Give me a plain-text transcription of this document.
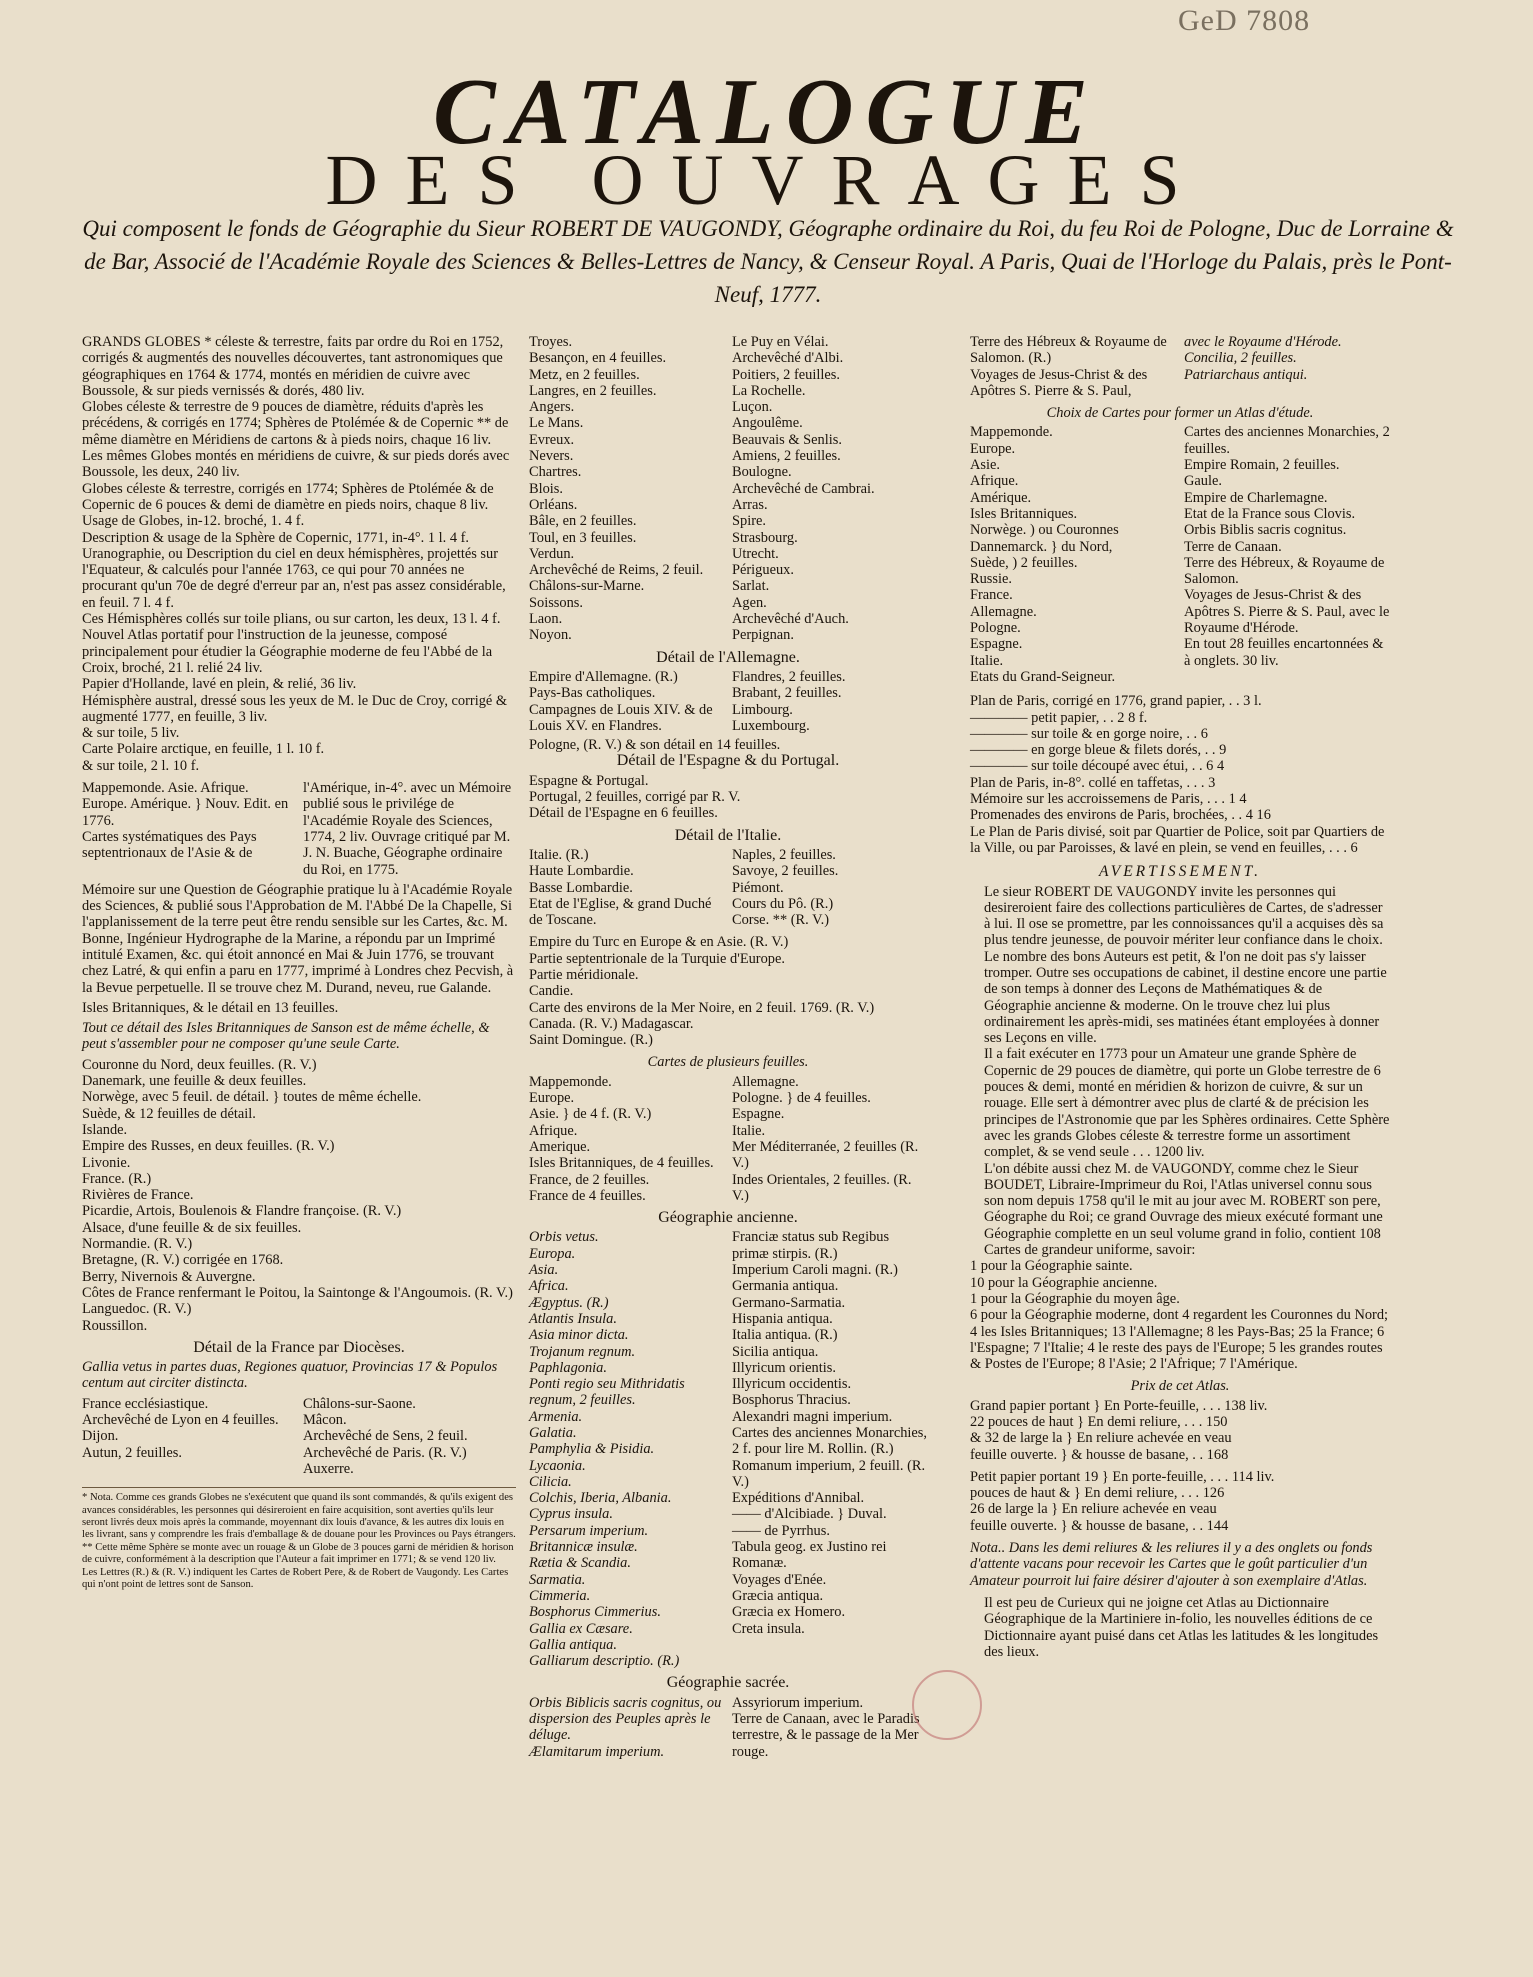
GeD 7808
CATALOGUE
DES OUVRAGES
Qui composent le fonds de Géographie du Sieur ROBERT DE VAUGONDY, Géographe ordinaire du Roi, du feu Roi de Pologne, Duc de Lorraine & de Bar, Associé de l'Académie Royale des Sciences & Belles-Lettres de Nancy, & Censeur Royal. A Paris, Quai de l'Horloge du Palais, près le Pont-Neuf, 1777.

GRANDS GLOBES * céleste & terrestre, faits par ordre du Roi en 1752, corrigés & augmentés des nouvelles découvertes, tant astronomiques que géographiques en 1764 & 1774, montés en méridien de cuivre avec Boussole, & sur pieds vernissés & dorés, 480 liv.

Globes céleste & terrestre de 9 pouces de diamètre, réduits d'après les précédens, & corrigés en 1774; Sphères de Ptolémée & de Copernic ** de même diamètre en Méridiens de cartons & à pieds noirs, chaque 16 liv.

Les mêmes Globes montés en méridiens de cuivre, & sur pieds dorés avec Boussole, les deux, 240 liv.

Globes céleste & terrestre, corrigés en 1774; Sphères de Ptolémée & de Copernic de 6 pouces & demi de diamètre en pieds noirs, chaque 8 liv.

Usage de Globes, in-12. broché, 1. 4 f.

Description & usage de la Sphère de Copernic, 1771, in-4°. 1 l. 4 f.

Uranographie, ou Description du ciel en deux hémisphères, projettés sur l'Equateur, & calculés pour l'année 1763, ce qui pour 70 années ne procurant qu'un 70e de degré d'erreur par an, n'est pas assez considérable, en feuil. 7 l. 4 f.

Ces Hémisphères collés sur toile plians, ou sur carton, les deux, 13 l. 4 f.

Nouvel Atlas portatif pour l'instruction de la jeunesse, composé principalement pour étudier la Géographie moderne de feu l'Abbé de la Croix, broché, 21 l. relié 24 liv.

Papier d'Hollande, lavé en plein, & relié, 36 liv.

Hémisphère austral, dressé sous les yeux de M. le Duc de Croy, corrigé & augmenté 1777, en feuille, 3 liv.

& sur toile, 5 liv.

Carte Polaire arctique, en feuille, 1 l. 10 f.

& sur toile, 2 l. 10 f.

Mappemonde. Asie. Afrique. Europe. Amérique. } Nouv. Edit. en 1776.

Cartes systématiques des Pays septentrionaux de l'Asie & de

l'Amérique, in-4°. avec un Mémoire publié sous le privilége de l'Académie Royale des Sciences, 1774, 2 liv. Ouvrage critiqué par M. J. N. Buache, Géographe ordinaire du Roi, en 1775.

Mémoire sur une Question de Géographie pratique lu à l'Académie Royale des Sciences, & publié sous l'Approbation de M. l'Abbé De la Chapelle, Si l'applanissement de la terre peut être rendu sensible sur les Cartes, &c. M. Bonne, Ingénieur Hydrographe de la Marine, a répondu par un Imprimé intitulé Examen, &c. qui étoit annoncé en Mai & Juin 1776, se trouvant chez Latré, & qui enfin a paru en 1777, imprimé à Londres chez Pecvish, à la Bevue perpetuelle. Il se trouve chez M. Durand, neveu, rue Galande.

Isles Britanniques, & le détail en 13 feuilles.

Tout ce détail des Isles Britanniques de Sanson est de même échelle, & peut s'assembler pour ne composer qu'une seule Carte.

Couronne du Nord, deux feuilles. (R. V.)

Danemark, une feuille & deux feuilles.

Norwège, avec 5 feuil. de détail. } toutes de même échelle.

Suède, & 12 feuilles de détail.

Islande.

Empire des Russes, en deux feuilles. (R. V.)

Livonie.

France. (R.)

Rivières de France.

Picardie, Artois, Boulenois & Flandre françoise. (R. V.)

Alsace, d'une feuille & de six feuilles.

Normandie. (R. V.)

Bretagne, (R. V.) corrigée en 1768.

Berry, Nivernois & Auvergne.

Côtes de France renfermant le Poitou, la Saintonge & l'Angoumois. (R. V.)

Languedoc. (R. V.)

Roussillon.

Détail de la France par Diocèses.

Gallia vetus in partes duas, Regiones quatuor, Provincias 17 & Populos centum aut circiter distincta.

France ecclésiastique.

Archevêché de Lyon en 4 feuilles.

Dijon.

Autun, 2 feuilles.

Châlons-sur-Saone.

Mâcon.

Archevêché de Sens, 2 feuil.

Archevêché de Paris. (R. V.)

Auxerre.

* Nota. Comme ces grands Globes ne s'exécutent que quand ils sont commandés, & qu'ils exigent des avances considérables, les personnes qui désireroient en faire acquisition, sont averties qu'ils leur seront livrés deux mois après la commande, moyennant dix louis d'avance, & les autres dix louis en les livrant, sans y comprendre les frais d'emballage & de douane pour les Provinces ou Pays étrangers.

** Cette même Sphère se monte avec un rouage & un Globe de 3 pouces garni de méridien & horison de cuivre, conformément à la description que l'Auteur a fait imprimer en 1771; & se vend 120 liv.

Les Lettres (R.) & (R. V.) indiquent les Cartes de Robert Pere, & de Robert de Vaugondy. Les Cartes qui n'ont point de lettres sont de Sanson.

Troyes.

Besançon, en 4 feuilles.

Metz, en 2 feuilles.

Langres, en 2 feuilles.

Angers.

Le Mans.

Evreux.

Nevers.

Chartres.

Blois.

Orléans.

Bâle, en 2 feuilles.

Toul, en 3 feuilles.

Verdun.

Archevêché de Reims, 2 feuil.

Châlons-sur-Marne.

Soissons.

Laon.

Noyon.

Le Puy en Vélai.

Archevêché d'Albi.

Poitiers, 2 feuilles.

La Rochelle.

Luçon.

Angoulême.

Beauvais & Senlis.

Amiens, 2 feuilles.

Boulogne.

Archevêché de Cambrai.

Arras.

Spire.

Strasbourg.

Utrecht.

Périgueux.

Sarlat.

Agen.

Archevêché d'Auch.

Perpignan.

Détail de l'Allemagne.

Empire d'Allemagne. (R.)

Pays-Bas catholiques.

Campagnes de Louis XIV. & de Louis XV. en Flandres.

Flandres, 2 feuilles.

Brabant, 2 feuilles.

Limbourg.

Luxembourg.

Pologne, (R. V.) & son détail en 14 feuilles.

Détail de l'Espagne & du Portugal.

Espagne & Portugal.

Portugal, 2 feuilles, corrigé par R. V.

Détail de l'Espagne en 6 feuilles.

Détail de l'Italie.

Italie. (R.)

Haute Lombardie.

Basse Lombardie.

Etat de l'Eglise, & grand Duché de Toscane.

Naples, 2 feuilles.

Savoye, 2 feuilles.

Piémont.

Cours du Pô. (R.)

Corse. ** (R. V.)

Empire du Turc en Europe & en Asie. (R. V.)

Partie septentrionale de la Turquie d'Europe.

Partie méridionale.

Candie.

Carte des environs de la Mer Noire, en 2 feuil. 1769. (R. V.)

Canada. (R. V.) Madagascar.

Saint Domingue. (R.)

Cartes de plusieurs feuilles.

Mappemonde.

Europe.

Asie. } de 4 f. (R. V.)

Afrique.

Amerique.

Isles Britanniques, de 4 feuilles.

France, de 2 feuilles.

France de 4 feuilles.

Allemagne.

Pologne. } de 4 feuilles.

Espagne.

Italie.

Mer Méditerranée, 2 feuilles (R. V.)

Indes Orientales, 2 feuilles. (R. V.)

Géographie ancienne.

Orbis vetus.

Europa.

Asia.

Africa.

Ægyptus. (R.)

Atlantis Insula.

Asia minor dicta.

Trojanum regnum.

Paphlagonia.

Ponti regio seu Mithridatis regnum, 2 feuilles.

Armenia.

Galatia.

Pamphylia & Pisidia.

Lycaonia.

Cilicia.

Colchis, Iberia, Albania.

Cyprus insula.

Persarum imperium.

Britannicæ insulæ.

Rætia & Scandia.

Sarmatia.

Cimmeria.

Bosphorus Cimmerius.

Gallia ex Cæsare.

Gallia antiqua.

Galliarum descriptio. (R.)

Franciæ status sub Regibus primæ stirpis. (R.)

Imperium Caroli magni. (R.)

Germania antiqua.

Germano-Sarmatia.

Hispania antiqua.

Italia antiqua. (R.)

Sicilia antiqua.

Illyricum orientis.

Illyricum occidentis.

Bosphorus Thracius.

Alexandri magni imperium.

Cartes des anciennes Monarchies, 2 f. pour lire M. Rollin. (R.)

Romanum imperium, 2 feuill. (R. V.)

Expéditions d'Annibal.

—— d'Alcibiade. } Duval.

—— de Pyrrhus.

Tabula geog. ex Justino rei Romanæ.

Voyages d'Enée.

Græcia antiqua.

Græcia ex Homero.

Creta insula.

Géographie sacrée.

Orbis Biblicis sacris cognitus, ou dispersion des Peuples après le déluge.

Ælamitarum imperium.

Assyriorum imperium.

Terre de Canaan, avec le Paradis terrestre, & le passage de la Mer rouge.

Terre des Hébreux & Royaume de Salomon. (R.)

Voyages de Jesus-Christ & des Apôtres S. Pierre & S. Paul,

avec le Royaume d'Hérode.

Concilia, 2 feuilles.

Patriarchaus antiqui.

Choix de Cartes pour former un Atlas d'étude.

Mappemonde.

Europe.

Asie.

Afrique.

Amérique.

Isles Britanniques.

Norwège. ) ou Couronnes

Dannemarck. } du Nord,

Suède, ) 2 feuilles.

Russie.

France.

Allemagne.

Pologne.

Espagne.

Italie.

Etats du Grand-Seigneur.

Cartes des anciennes Monarchies, 2 feuilles.

Empire Romain, 2 feuilles.

Gaule.

Empire de Charlemagne.

Etat de la France sous Clovis.

Orbis Biblis sacris cognitus.

Terre de Canaan.

Terre des Hébreux, & Royaume de Salomon.

Voyages de Jesus-Christ & des Apôtres S. Pierre & S. Paul, avec le Royaume d'Hérode.

En tout 28 feuilles encartonnées & à onglets. 30 liv.

Plan de Paris, corrigé en 1776, grand papier, . . 3 l.

———— petit papier, . . 2 8 f.

———— sur toile & en gorge noire, . . 6

———— en gorge bleue & filets dorés, . . 9

———— sur toile découpé avec étui, . . 6 4

Plan de Paris, in-8°. collé en taffetas, . . . 3

Mémoire sur les accroissemens de Paris, . . . 1 4

Promenades des environs de Paris, brochées, . . 4 16

Le Plan de Paris divisé, soit par Quartier de Police, soit par Quartiers de la Ville, ou par Paroisses, & lavé en plein, se vend en feuilles, . . . 6

AVERTISSEMENT.

Le sieur ROBERT DE VAUGONDY invite les personnes qui desireroient faire des collections particulières de Cartes, de s'adresser à lui. Il ose se promettre, par les connoissances qu'il a acquises dès sa plus tendre jeunesse, de pouvoir mériter leur confiance dans le choix. Le nombre des bons Auteurs est petit, & l'on ne doit pas s'y laisser tromper. Outre ses occupations de cabinet, il destine encore une partie de son temps à donner des Leçons de Mathématiques & de Géographie ancienne & moderne. On le trouve chez lui plus ordinairement les après-midi, ses matinées étant employées à donner ses Leçons en ville.

Il a fait exécuter en 1773 pour un Amateur une grande Sphère de Copernic de 29 pouces de diamètre, qui porte un Globe terrestre de 6 pouces & demi, monté en méridien & horizon de cuivre, & sur un rouage. Elle sert à démontrer avec plus de clarté & de précision les principes de l'Astronomie que par les Sphères ordinaires. Cette Sphère avec les grands Globes céleste & terrestre forme un assortiment complet, & se vend seule . . . 1200 liv.

L'on débite aussi chez M. de VAUGONDY, comme chez le Sieur BOUDET, Libraire-Imprimeur du Roi, l'Atlas universel connu sous son nom depuis 1758 qu'il le mit au jour avec M. ROBERT son pere, Géographe du Roi; ce grand Ouvrage des mieux exécuté formant une Géographie complette en un seul volume grand in folio, contient 108 Cartes de grandeur uniforme, savoir:

1 pour la Géographie sainte.

10 pour la Géographie ancienne.

1 pour la Géographie du moyen âge.

6 pour la Géographie moderne, dont 4 regardent les Couronnes du Nord; 4 les Isles Britanniques; 13 l'Allemagne; 8 les Pays-Bas; 25 la France; 6 l'Espagne; 7 l'Italie; 4 le reste des pays de l'Europe; 5 les grandes routes & Postes de l'Europe; 8 l'Asie; 2 l'Afrique; 7 l'Amérique.

Prix de cet Atlas.

Grand papier portant } En Porte-feuille, . . . 138 liv.

22 pouces de haut } En demi reliure, . . . 150

& 32 de large la } En reliure achevée en veau

feuille ouverte. } & housse de basane, . . 168

Petit papier portant 19 } En porte-feuille, . . . 114 liv.

pouces de haut & } En demi reliure, . . . 126

26 de large la } En reliure achevée en veau

feuille ouverte. } & housse de basane, . . 144

Nota.. Dans les demi reliures & les reliures il y a des onglets ou fonds d'attente vacans pour recevoir les Cartes que le goût particulier d'un Amateur pourroit lui faire désirer d'ajouter à son exemplaire d'Atlas.

Il est peu de Curieux qui ne joigne cet Atlas au Dictionnaire Géographique de la Martiniere in-folio, les nouvelles éditions de ce Dictionnaire ayant puisé dans cet Atlas les latitudes & les longitudes des lieux.
